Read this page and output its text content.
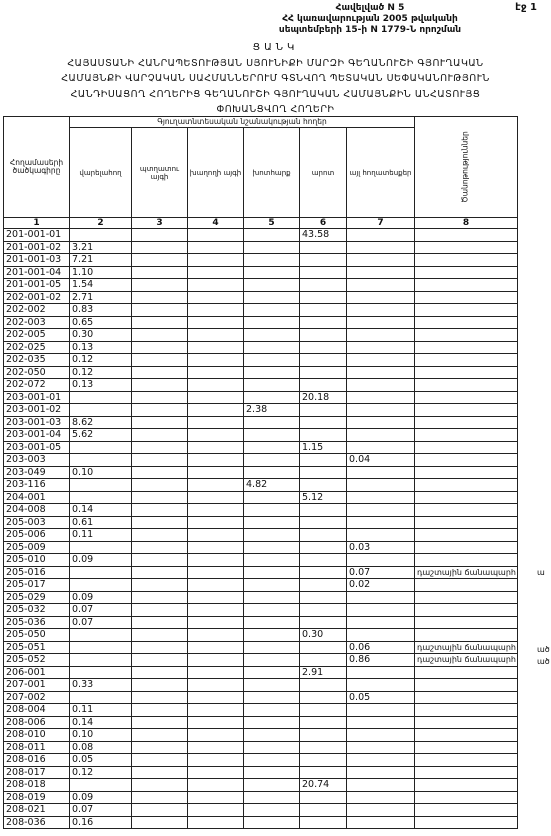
էջ 1
Հավելված N 5
ՀՀ կառավարության 2005 թվականի
սեպտեմբերի 15-ի N 1779-Ն որոշման
ՑԱՆԿ
ՀԱՅԱՍՏԱՆԻ ՀԱՆՐԱՊԵՏՈՒԹՅԱՆ ՍՅՈՒՆԻՔԻ ՄԱՐԶԻ ԳԵՂԱՆՈՒՇԻ ԳՅՈՒՂԱԿԱՆ
ՀԱՄԱՅՆՔԻ ՎԱՐՉԱԿԱՆ ՍԱՀՄԱՆՆԵՐՈՒՄ ԳՏՆՎՈՂ ՊԵՏԱԿԱՆ ՍԵՓԱԿԱՆՈՒԹՅՈՒՆ
ՀԱՆԴԻՍԱՑՈՂ ՀՈՂԵՐԻՑ ԳԵՂԱՆՈՒՇԻ ԳՅՈՒՂԱԿԱՆ ՀԱՄԱՅՆՔԻՆ ԱՆՀԱՏՈՒՅՑ
ՓՈԽԱՆՑՎՈՂ ՀՈՂԵՐԻ
Հողամասերի ծածկագիրը	Գյուղատնտեսական նշանակության հողեր						Ծանոթություններ
	վարելահող	պտղատու այգի	խաղողի այգի	խոտհարք	արոտ	այլ հողատեսքեր	
1	2	3	4	5	6	7	8
201-001-01					43.58		
201-001-02	3.21						
201-001-03	7.21						
201-001-04	1.10						
201-001-05	1.54						
202-001-02	2.71						
202-002	0.83						
202-003	0.65						
202-005	0.30						
202-025	0.13						
202-035	0.12						
202-050	0.12						
202-072	0.13						
203-001-01					20.18		
203-001-02				2.38			
203-001-03	8.62						
203-001-04	5.62						
203-001-05					1.15		
203-003						0.04	
203-049	0.10						
203-116				4.82			
204-001					5.12		
204-008	0.14						
205-003	0.61						
205-006	0.11						
205-009						0.03	
205-010	0.09						
205-016						0.07	դաշտային ճանապարհ
205-017						0.02	
205-029	0.09						
205-032	0.07						
205-036	0.07						
205-050					0.30		
205-051						0.06	դաշտային ճանապարհ
205-052						0.86	դաշտային ճանապարհ
206-001					2.91		
207-001	0.33						
207-002						0.05	
208-004	0.11						
208-006	0.14						
208-010	0.10						
208-011	0.08						
208-016	0.05						
208-017	0.12						
208-018					20.74		
208-019	0.09						
208-021	0.07						
208-036	0.16						
ա
ած
ած
